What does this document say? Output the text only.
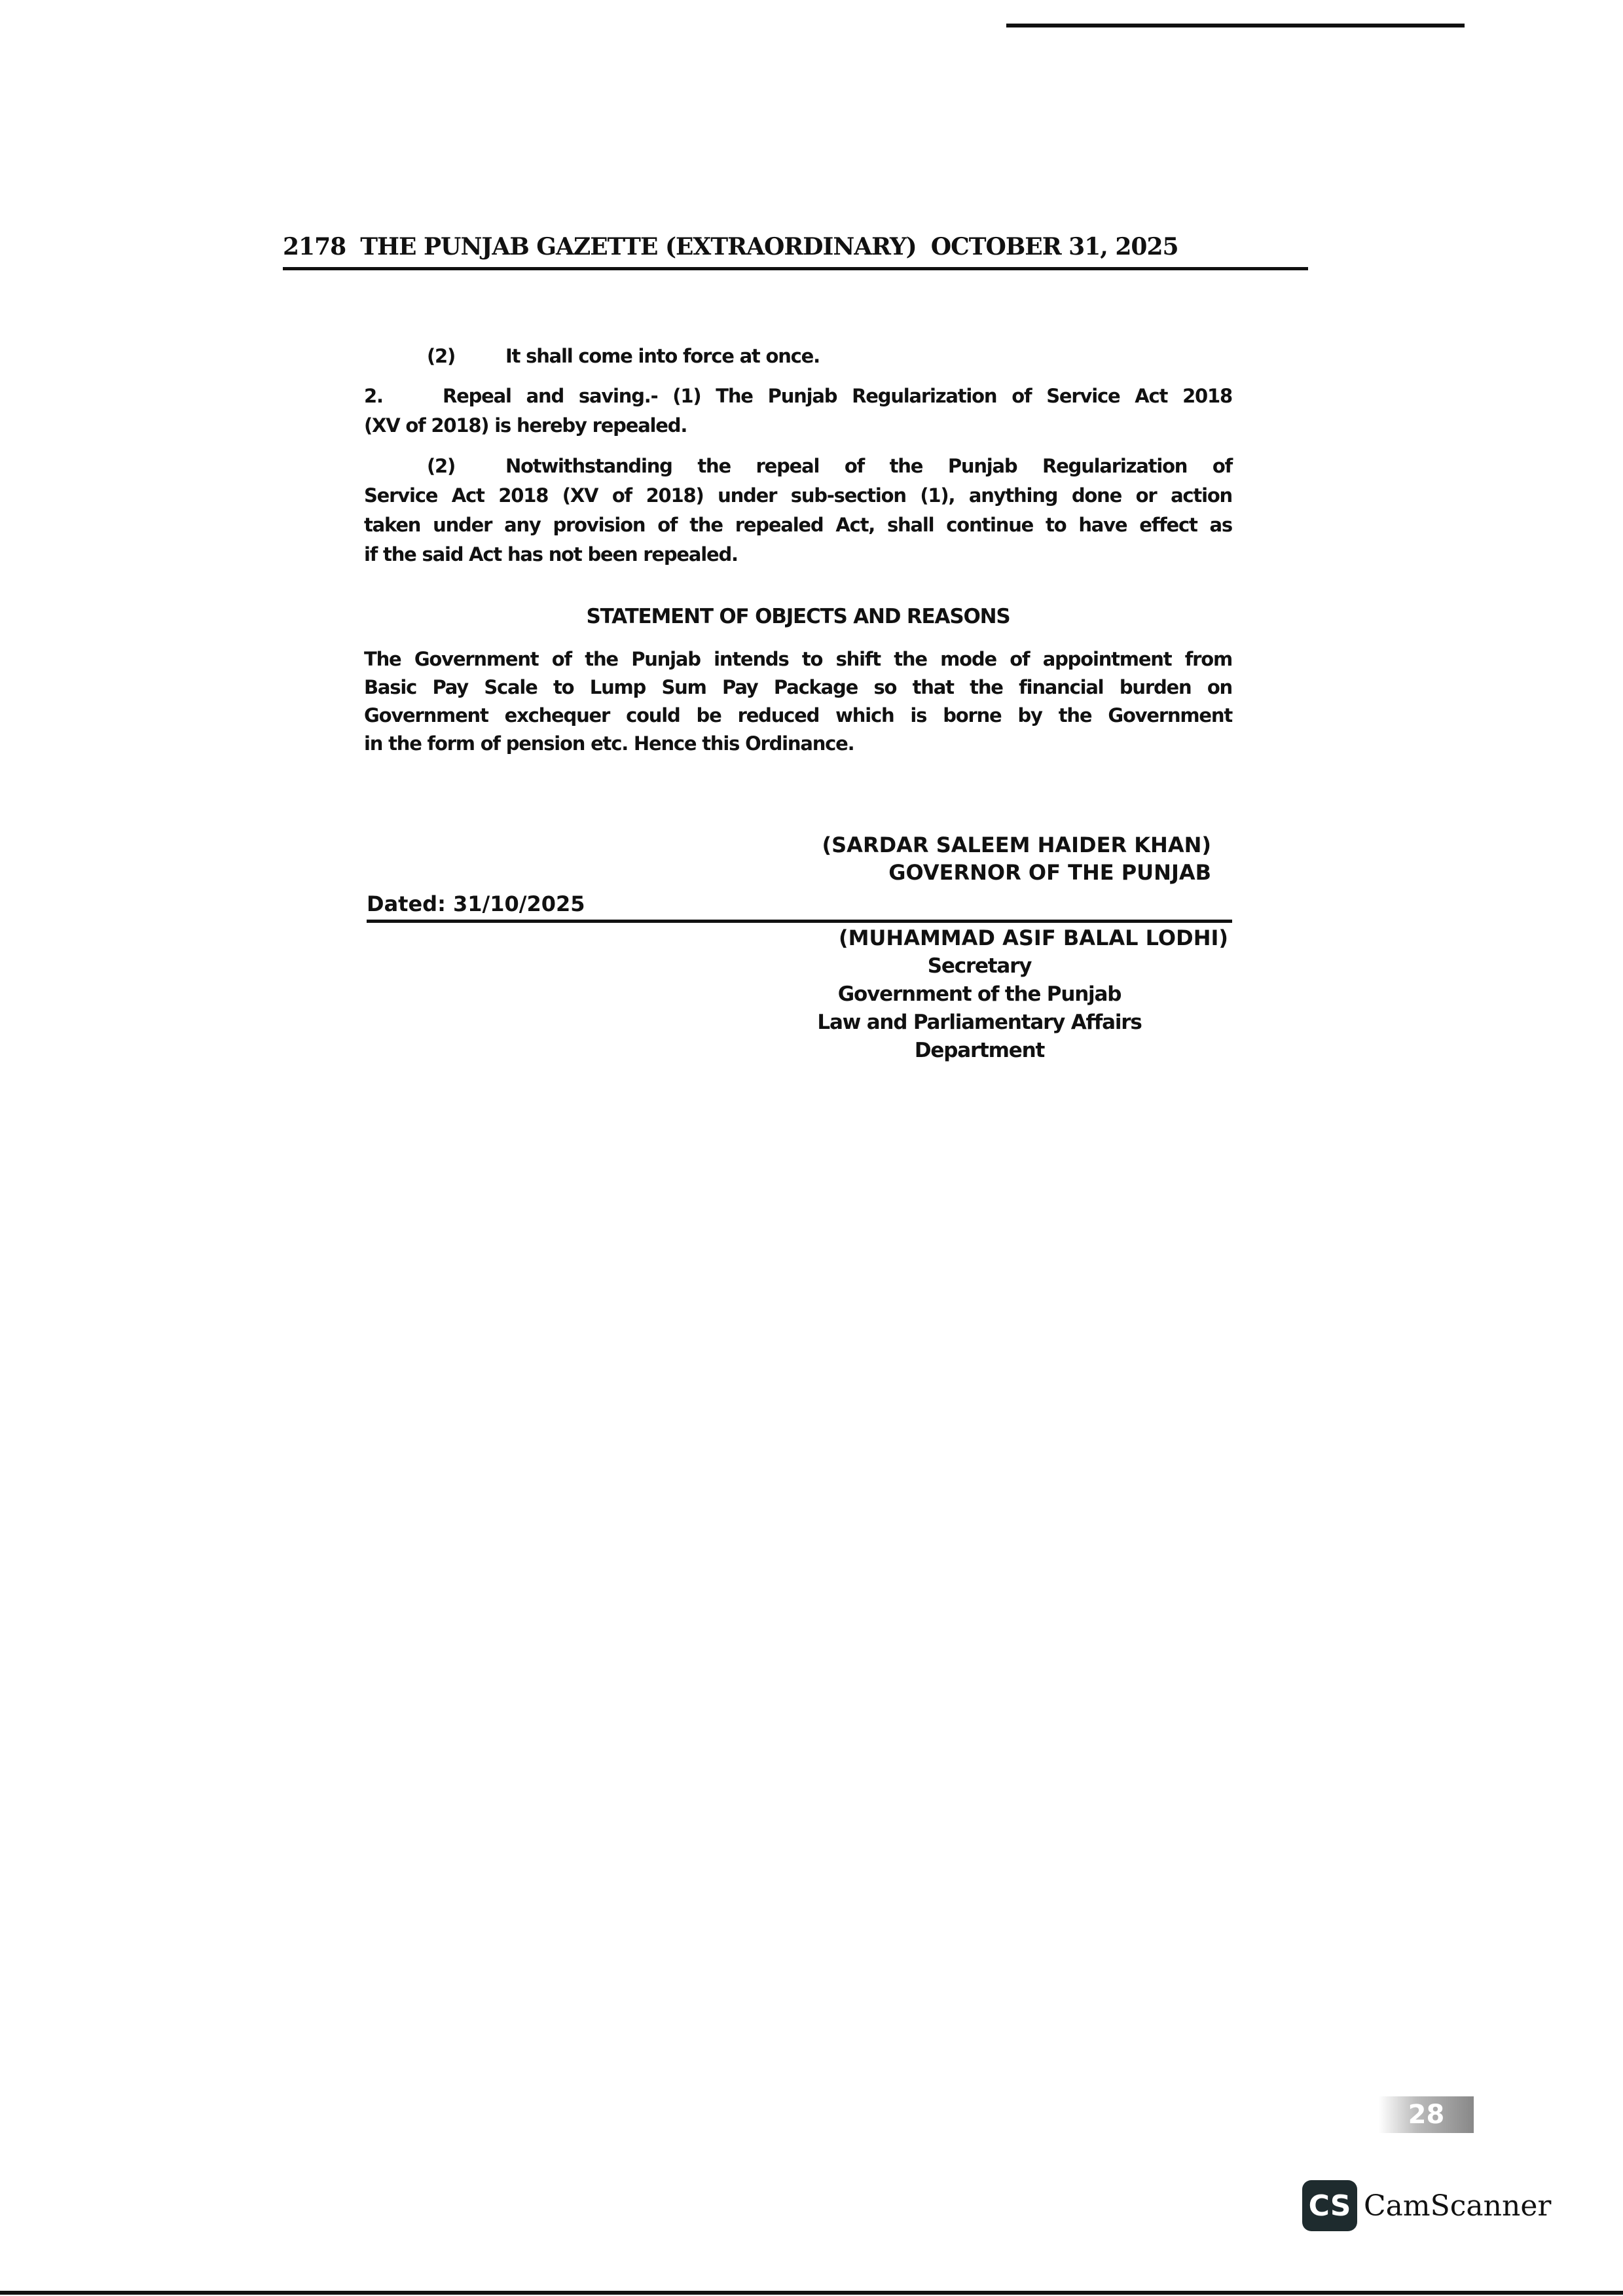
2178 THE PUNJAB GAZETTE (EXTRAORDINARY) OCTOBER 31, 2025
(2)	It shall come into force at once.
2.	Repeal and saving.- (1) The Punjab Regularization of Service Act 2018
(XV of 2018) is hereby repealed.
(2)	Notwithstanding the repeal of the Punjab Regularization of
Service Act 2018 (XV of 2018) under sub-section (1), anything done or action
taken under any provision of the repealed Act, shall continue to have effect as
if the said Act has not been repealed.
STATEMENT OF OBJECTS AND REASONS
The Government of the Punjab intends to shift the mode of appointment from
Basic Pay Scale to Lump Sum Pay Package so that the financial burden on
Government exchequer could be reduced which is borne by the Government
in the form of pension etc. Hence this Ordinance.
(SARDAR SALEEM HAIDER KHAN)
GOVERNOR OF THE PUNJAB
Dated: 31/10/2025
(MUHAMMAD ASIF BALAL LODHI)
Secretary
Government of the Punjab
Law and Parliamentary Affairs
Department
28
CS CamScanner
